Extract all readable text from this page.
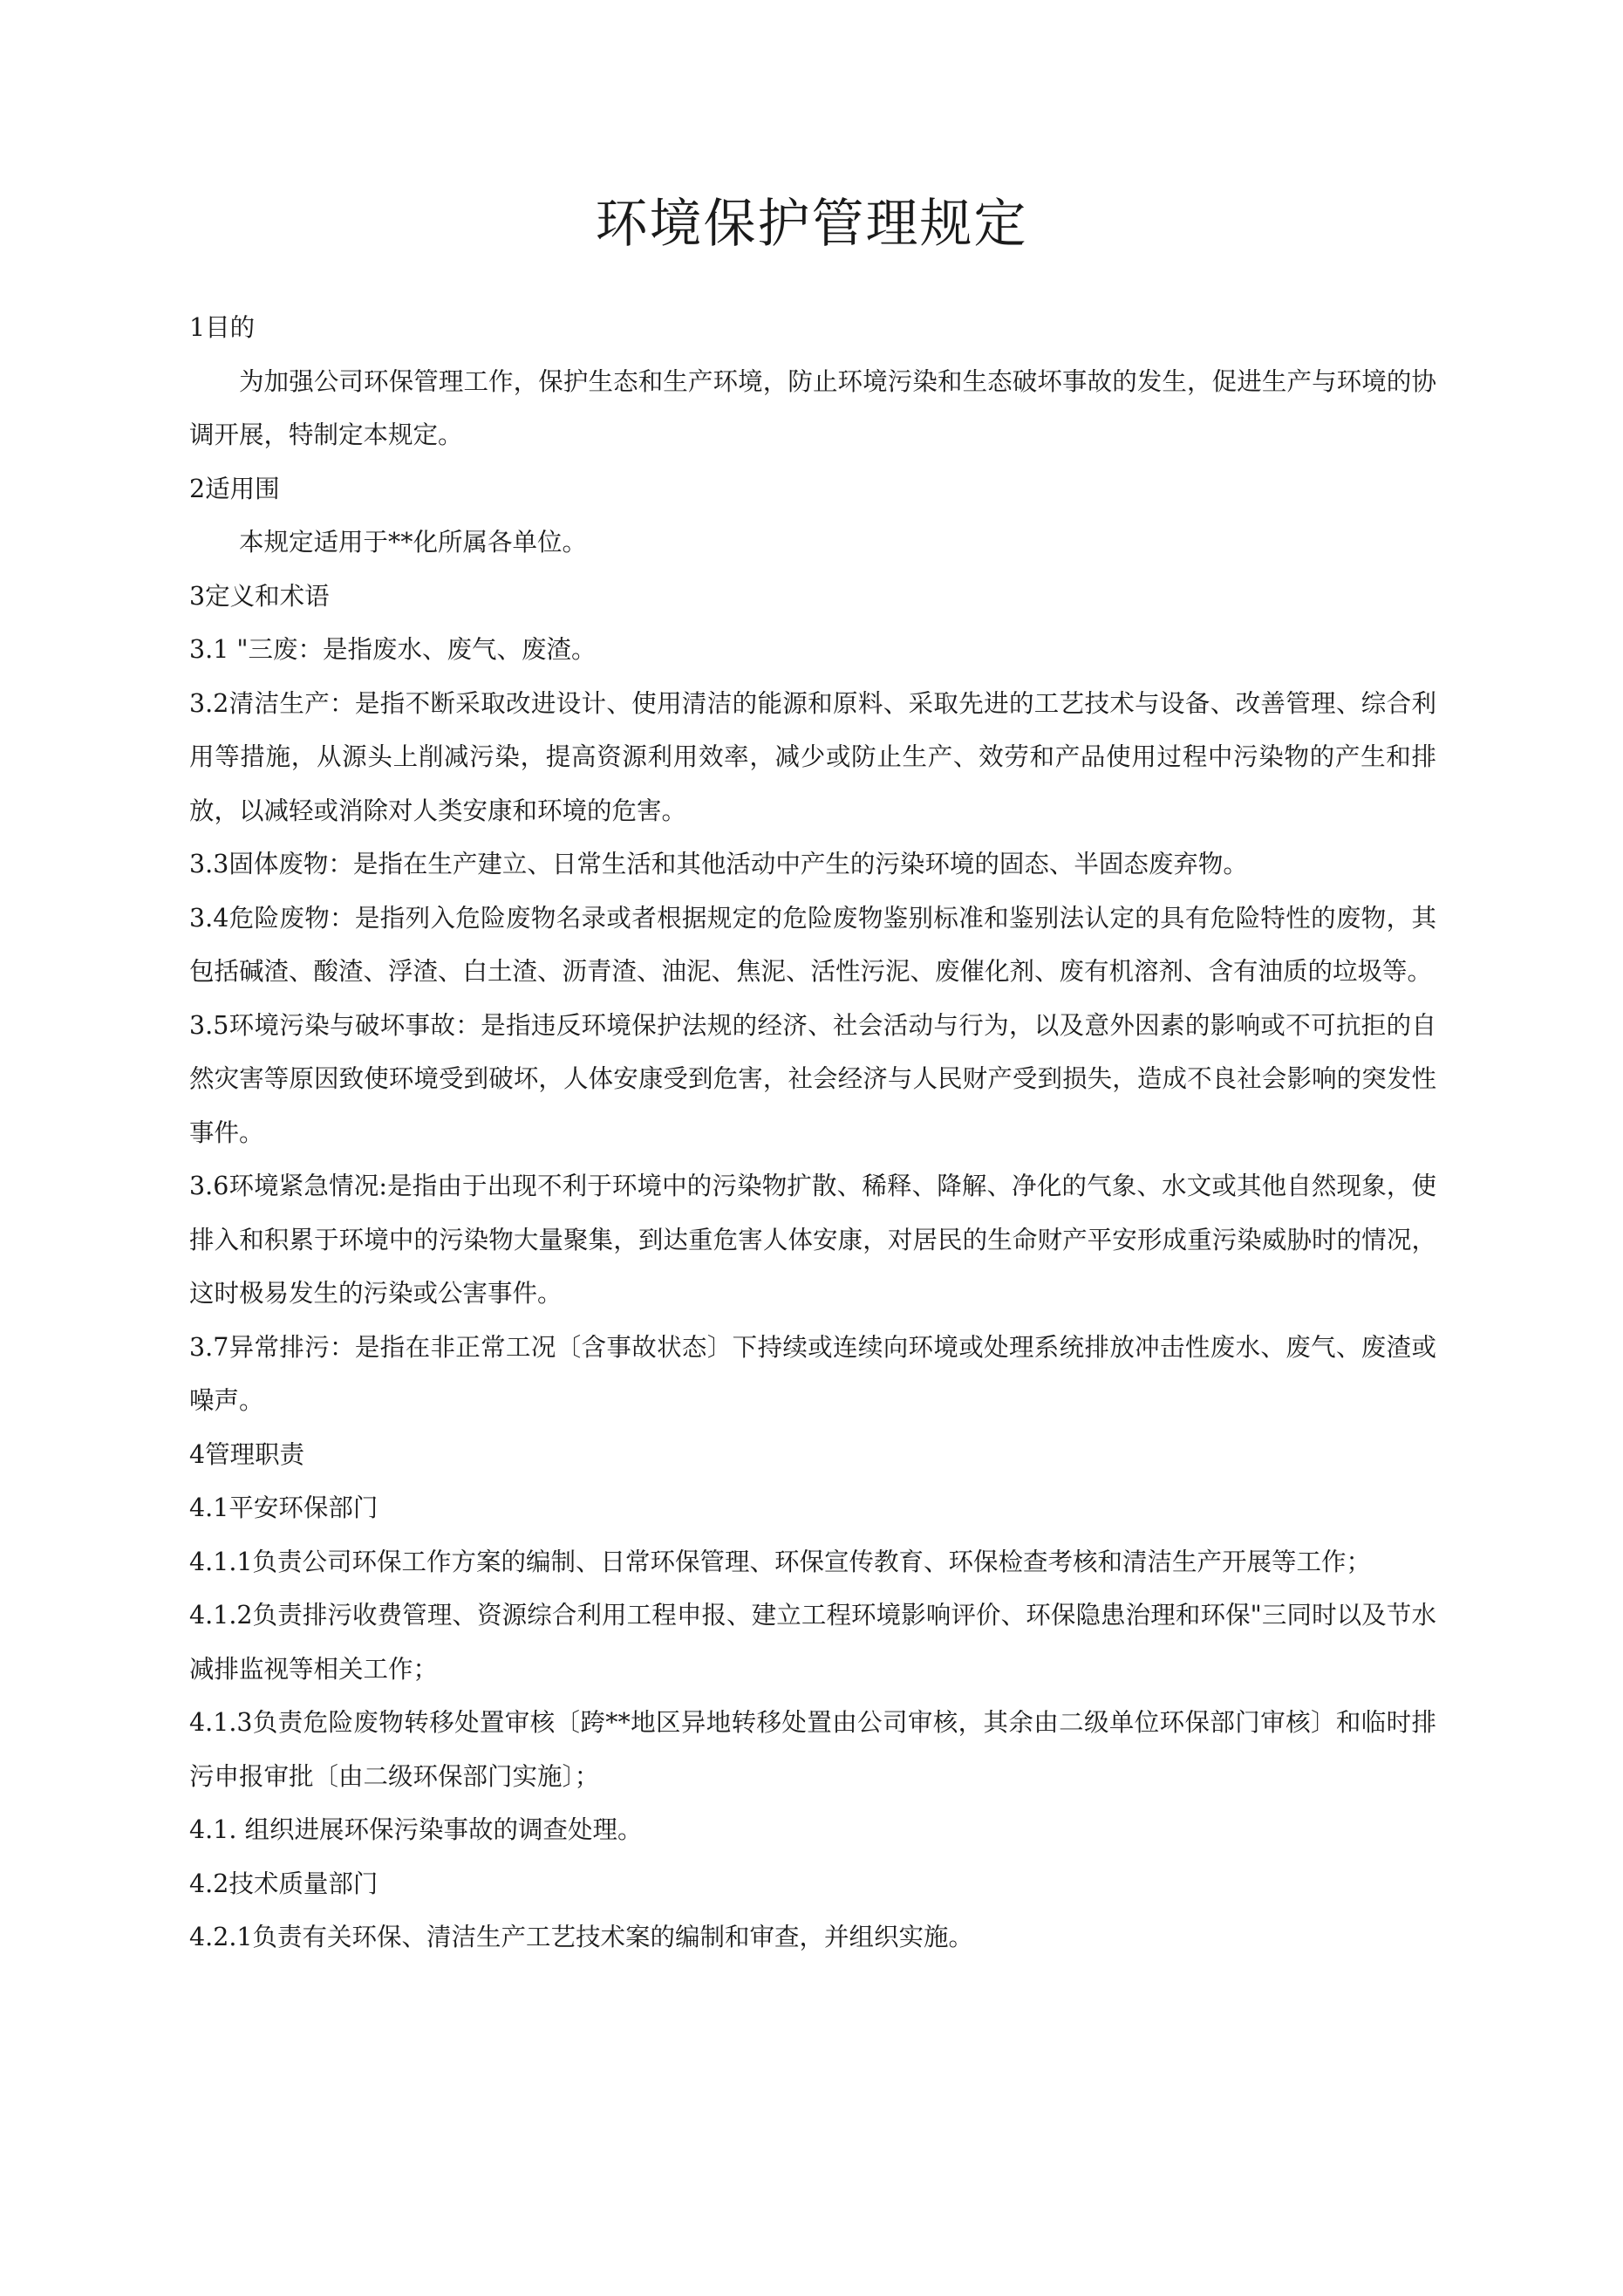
环境保护管理规定

1目的

为加强公司环保管理工作，保护生态和生产环境，防止环境污染和生态破坏事故的发生，促进生产与环境的协调开展，特制定本规定。

2适用围

本规定适用于**化所属各单位。

3定义和术语

3.1 "三废：是指废水、废气、废渣。

3.2清洁生产：是指不断采取改进设计、使用清洁的能源和原料、采取先进的工艺技术与设备、改善管理、综合利用等措施，从源头上削减污染，提高资源利用效率，减少或防止生产、效劳和产品使用过程中污染物的产生和排放，以减轻或消除对人类安康和环境的危害。

3.3固体废物：是指在生产建立、日常生活和其他活动中产生的污染环境的固态、半固态废弃物。

3.4危险废物：是指列入危险废物名录或者根据规定的危险废物鉴别标准和鉴别法认定的具有危险特性的废物，其包括碱渣、酸渣、浮渣、白土渣、沥青渣、油泥、焦泥、活性污泥、废催化剂、废有机溶剂、含有油质的垃圾等。

3.5环境污染与破坏事故：是指违反环境保护法规的经济、社会活动与行为，以及意外因素的影响或不可抗拒的自然灾害等原因致使环境受到破坏，人体安康受到危害，社会经济与人民财产受到损失，造成不良社会影响的突发性事件。

3.6环境紧急情况:是指由于出现不利于环境中的污染物扩散、稀释、降解、净化的气象、水文或其他自然现象，使排入和积累于环境中的污染物大量聚集，到达重危害人体安康，对居民的生命财产平安形成重污染威胁时的情况，这时极易发生的污染或公害事件。

3.7异常排污：是指在非正常工况〔含事故状态〕下持续或连续向环境或处理系统排放冲击性废水、废气、废渣或噪声。

4管理职责

4.1平安环保部门

4.1.1负责公司环保工作方案的编制、日常环保管理、环保宣传教育、环保检查考核和清洁生产开展等工作；

4.1.2负责排污收费管理、资源综合利用工程申报、建立工程环境影响评价、环保隐患治理和环保"三同时以及节水减排监视等相关工作；

4.1.3负责危险废物转移处置审核〔跨**地区异地转移处置由公司审核，其余由二级单位环保部门审核〕和临时排污申报审批〔由二级环保部门实施〕；

4.1. 组织进展环保污染事故的调查处理。

4.2技术质量部门

4.2.1负责有关环保、清洁生产工艺技术案的编制和审查，并组织实施。
